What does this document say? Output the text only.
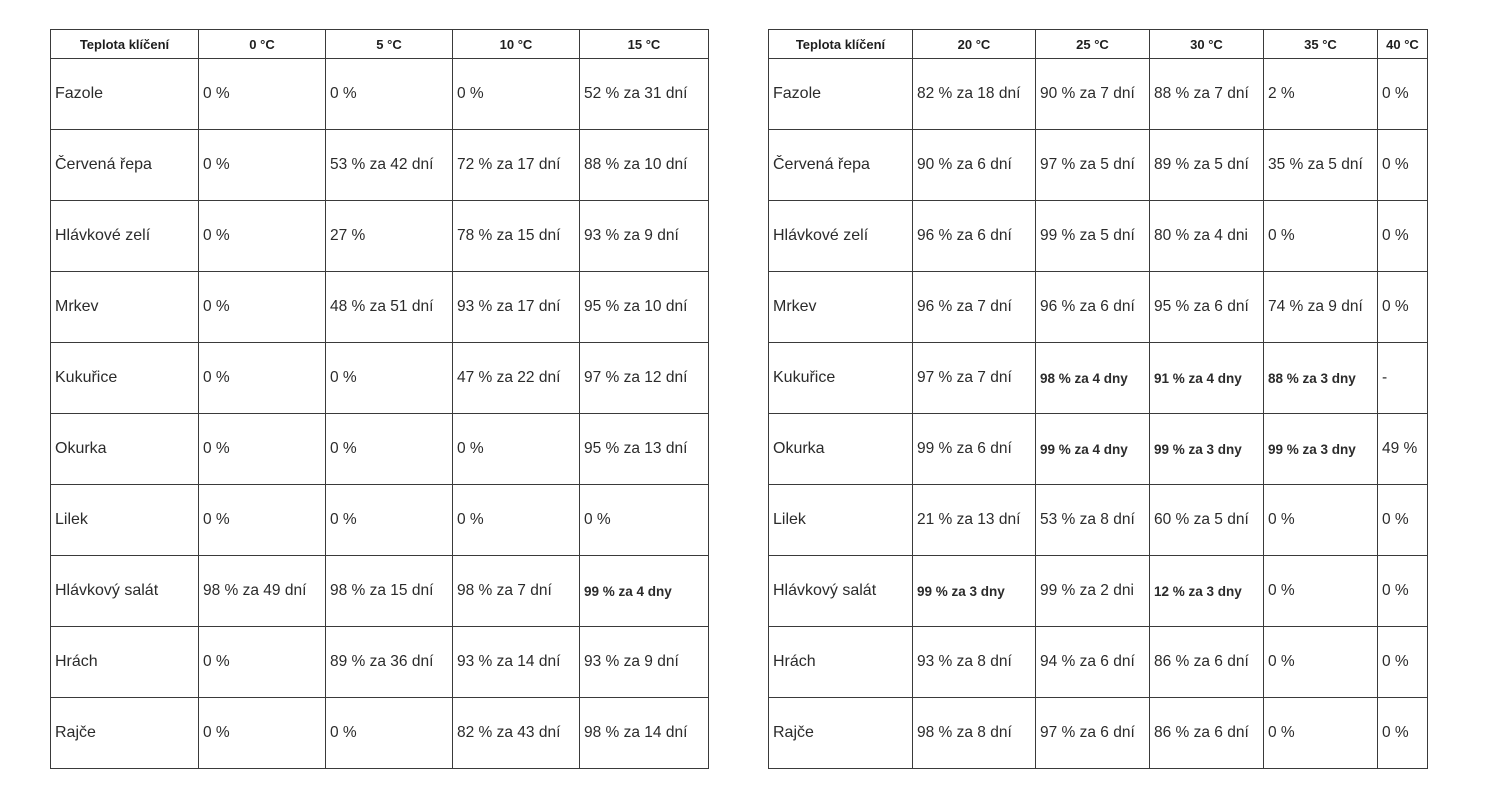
Teplota klíčení	0 °C	5 °C	10 °C	15 °C
Fazole	0 %	0 %	0 %	52 % za 31 dní
Červená řepa	0 %	53 % za 42 dní	72 % za 17 dní	88 % za 10 dní
Hlávkové zelí	0 %	27 %	78 % za 15 dní	93 % za 9 dní
Mrkev	0 %	48 % za 51 dní	93 % za 17 dní	95 % za 10 dní
Kukuřice	0 %	0 %	47 % za 22 dní	97 % za 12 dní
Okurka	0 %	0 %	0 %	95 % za 13 dní
Lilek	0 %	0 %	0 %	0 %
Hlávkový salát	98 % za 49 dní	98 % za 15 dní	98 % za 7 dní	99 % za 4 dny
Hrách	0 %	89 % za 36 dní	93 % za 14 dní	93 % za 9 dní
Rajče	0 %	0 %	82 % za 43 dní	98 % za 14 dní
Teplota klíčení	20 °C	25 °C	30 °C	35 °C	40 °C
Fazole	82 % za 18 dní	90 % za 7 dní	88 % za 7 dní	2 %	0 %
Červená řepa	90 % za 6 dní	97 % za 5 dní	89 % za 5 dní	35 % za 5 dní	0 %
Hlávkové zelí	96 % za 6 dní	99 % za 5 dní	80 % za 4 dni	0 %	0 %
Mrkev	96 % za 7 dní	96 % za 6 dní	95 % za 6 dní	74 % za 9 dní	0 %
Kukuřice	97 % za 7 dní	98 % za 4 dny	91 % za 4 dny	88 % za 3 dny	-
Okurka	99 % za 6 dní	99 % za 4 dny	99 % za 3 dny	99 % za 3 dny	49 %
Lilek	21 % za 13 dní	53 % za 8 dní	60 % za 5 dní	0 %	0 %
Hlávkový salát	99 % za 3 dny	99 % za 2 dni	12 % za 3 dny	0 %	0 %
Hrách	93 % za 8 dní	94 % za 6 dní	86 % za 6 dní	0 %	0 %
Rajče	98 % za 8 dní	97 % za 6 dní	86 % za 6 dní	0 %	0 %
